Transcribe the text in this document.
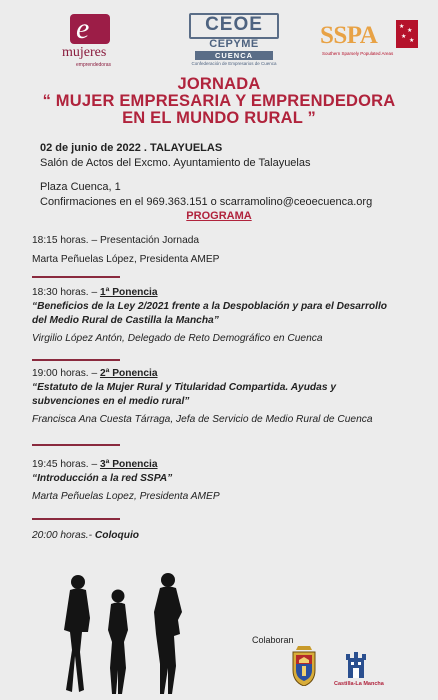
e
mujeres
emprendedoras
CEOE
CEPYME
CUENCA
Confederación de Empresarios de Cuenca
SSPA	★
★
★
★
Southern Sparsely Populated Areas
JORNADA
“ MUJER EMPRESARIA Y EMPRENDEDORA
EN EL MUNDO RURAL ”
02 de junio de 2022 . TALAYUELAS
Salón de Actos del Excmo. Ayuntamiento de Talayuelas
Plaza Cuenca, 1
Confirmaciones en el 969.363.151 o scarramolino@ceoecuenca.org
PROGRAMA
18:15 horas. – Presentación Jornada
Marta Peñuelas López, Presidenta AMEP
18:30 horas. – 1ª Ponencia
“Beneficios de la Ley 2/2021 frente a la Despoblación y para el Desarrollo
del Medio Rural de Castilla la Mancha”
Virgilio López Antón, Delegado de Reto Demográfico en Cuenca
19:00 horas. – 2ª Ponencia
“Estatuto de la Mujer Rural y Titularidad Compartida. Ayudas y
subvenciones en el medio rural”
Francisca Ana Cuesta Tárraga, Jefa de Servicio de Medio Rural de Cuenca
19:45 horas. – 3ª Ponencia
“Introducción a la red SSPA”
Marta Peñuelas Lopez, Presidenta AMEP
20:00 horas.- Coloquio
Colaboran
Castilla-La Mancha
